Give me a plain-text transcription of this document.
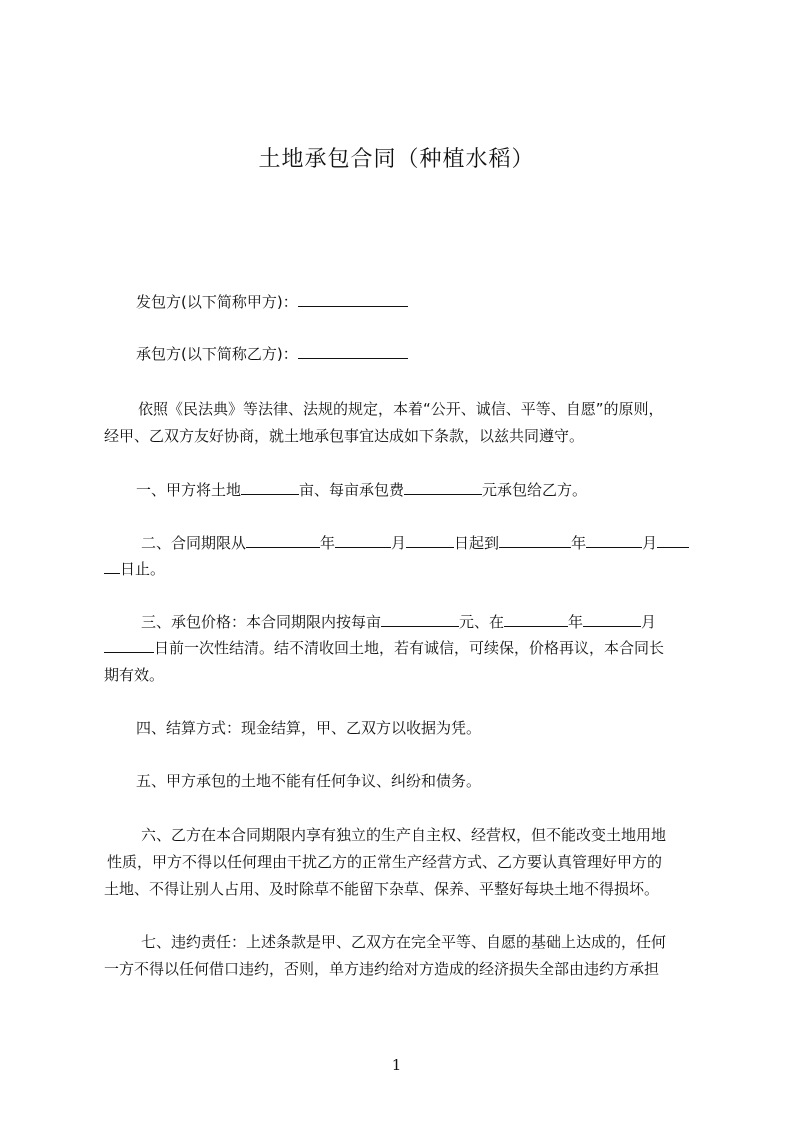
土地承包合同（种植水稻）
发包方(以下简称甲方)：
承包方(以下简称乙方)：
依照《民法典》等法律、法规的规定，本着“公开、诚信、平等、自愿”的原则，
经甲、乙双方友好协商，就土地承包事宜达成如下条款，以兹共同遵守。
一、甲方将土地	亩、每亩承包费	元承包给乙方。
二、合同期限从	年	月	日起到	年	月
日止。
三、承包价格：本合同期限内按每亩	元、在	年	月
日前一次性结清。结不清收回土地，若有诚信，可续保，价格再议，本合同长
期有效。
四、结算方式：现金结算，甲、乙双方以收据为凭。
五、甲方承包的土地不能有任何争议、纠纷和债务。
六、乙方在本合同期限内享有独立的生产自主权、经营权，但不能改变土地用地
性质，甲方不得以任何理由干扰乙方的正常生产经营方式、乙方要认真管理好甲方的
土地、不得让别人占用、及时除草不能留下杂草、保养、平整好每块土地不得损坏。
七、违约责任：上述条款是甲、乙双方在完全平等、自愿的基础上达成的，任何
一方不得以任何借口违约，否则，单方违约给对方造成的经济损失全部由违约方承担
1
